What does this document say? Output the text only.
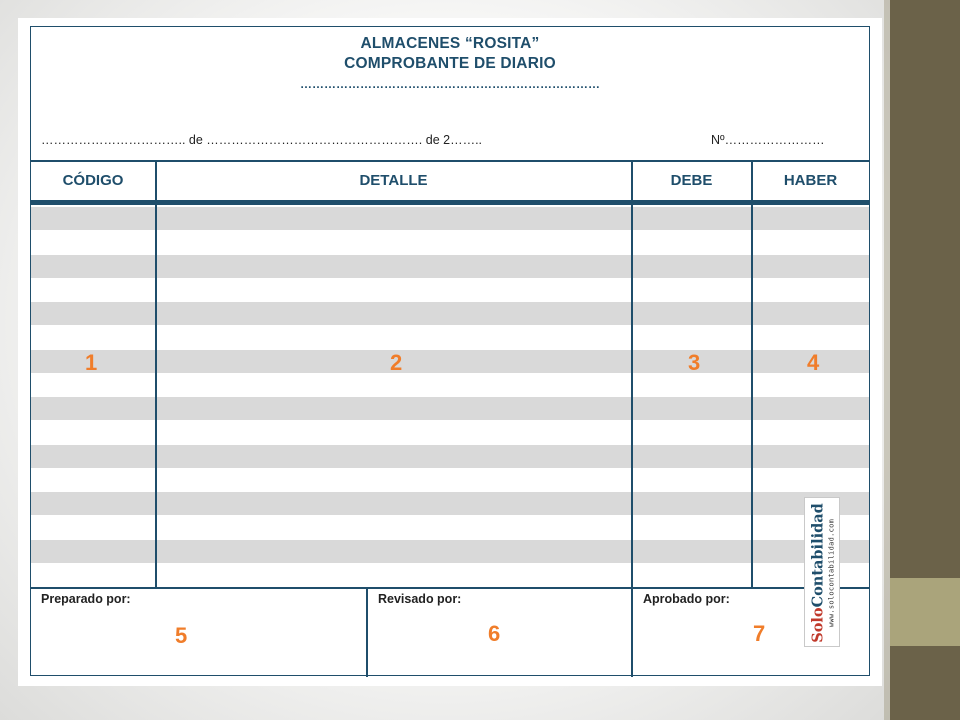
ALMACENES “ROSITA”
COMPROBANTE DE DIARIO
…………………………………………………………………
…………………………….. de ……………………………………………. de 2……..	Nº……………………
CÓDIGO	DETALLE	DEBE	HABER
1	2	3	4
Preparado por:	Revisado por:	Aprobado por:
5	6	7	SoloContabilidad www.solocontabilidad.com
